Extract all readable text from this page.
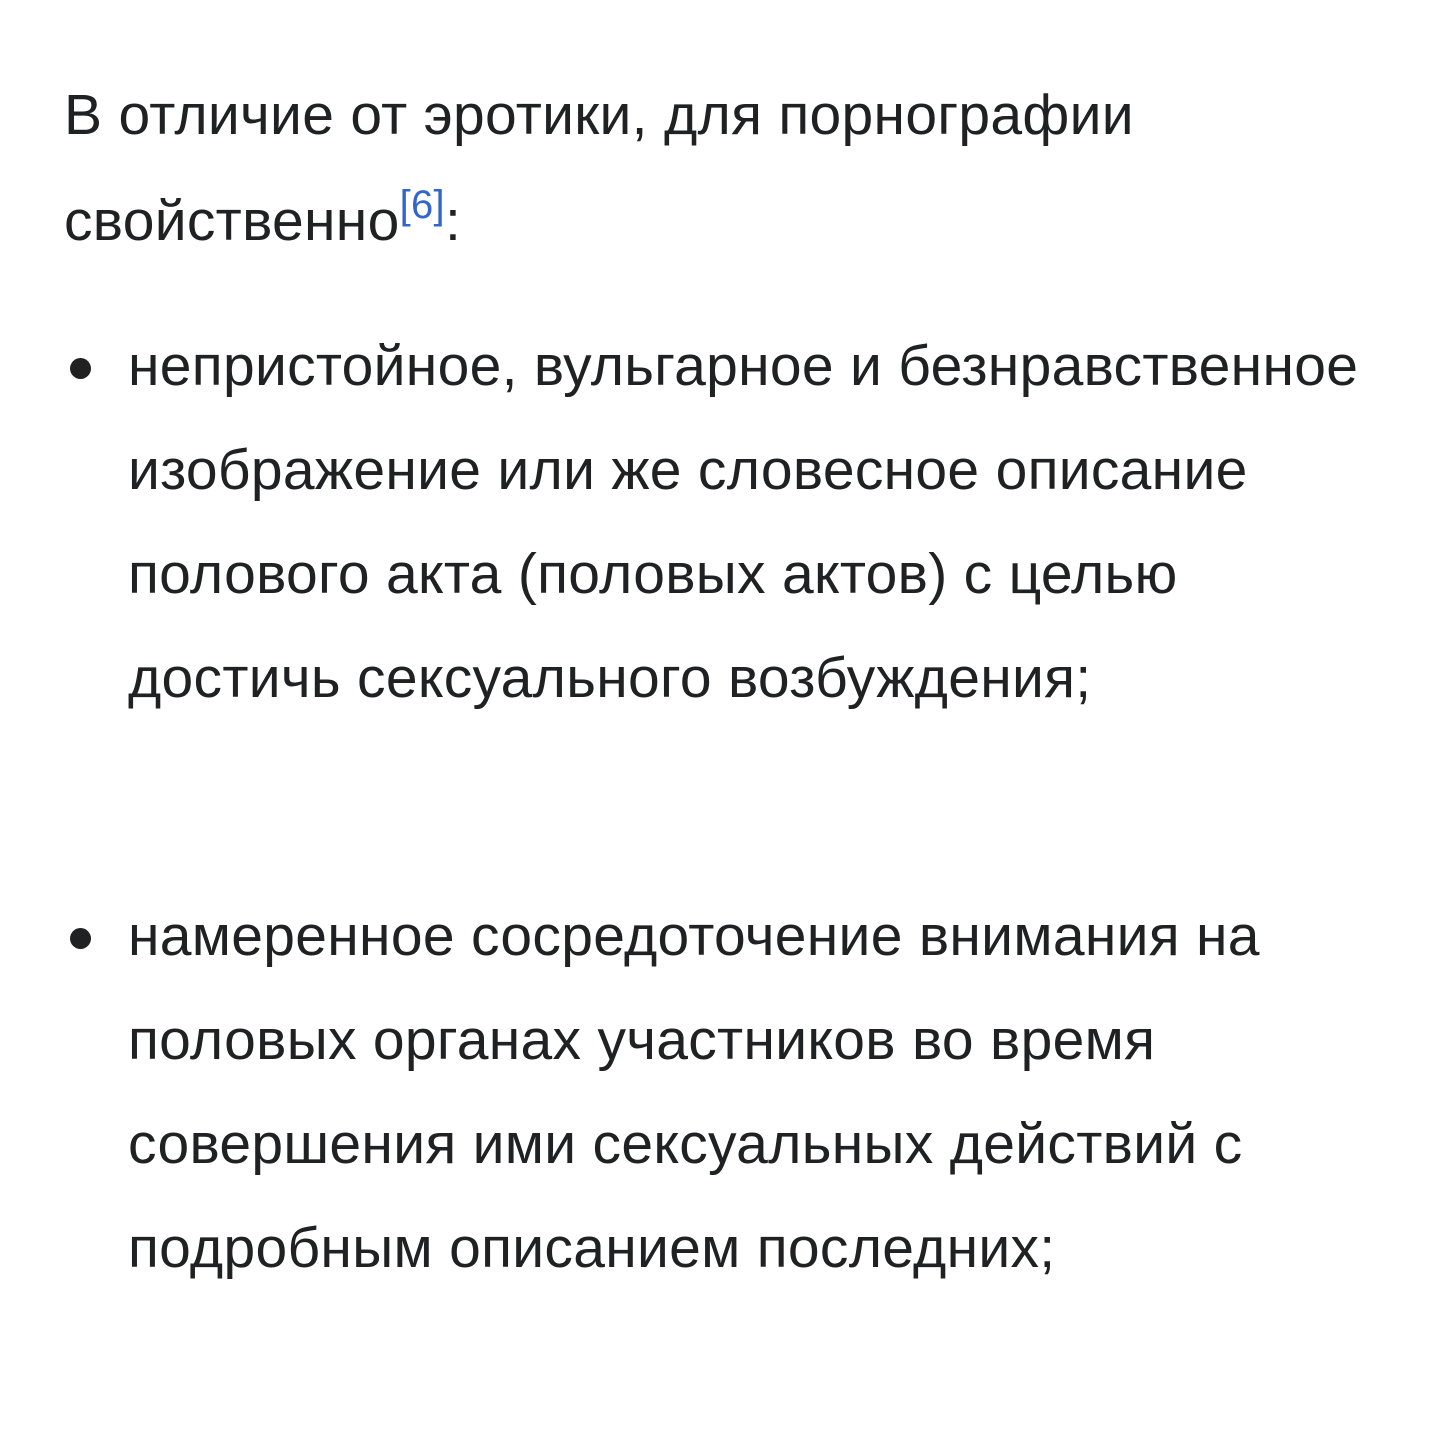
В отличие от эротики, для порнографии свойственно[6]:

непристойное, вульгарное и безнравственное изображение или же словесное описание полового акта (половых актов) с целью достичь сексуального возбуждения;
намеренное сосредоточение внимания на половых органах участников во время совершения ими сексуальных действий с подробным описанием последних;
